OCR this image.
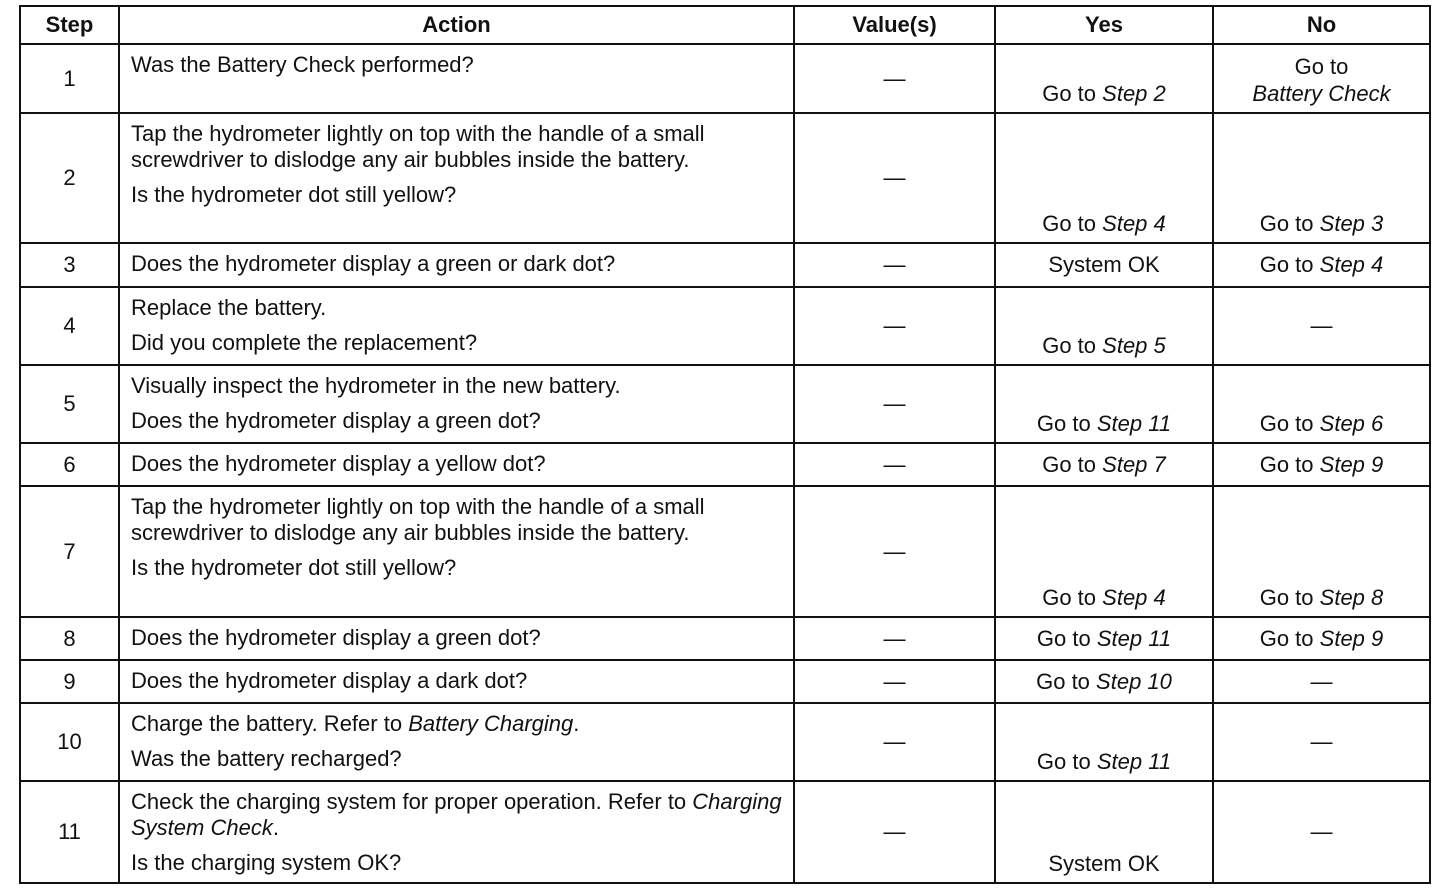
Step	Action	Value(s)	Yes	No
1	Was the Battery Check performed?	—	Go to Step 2	Go to
Battery Check

2	Tap the hydrometer lightly on top with the handle of a small screwdriver to dislodge any air bubbles inside the battery.
Is the hydrometer dot still yellow?	—	Go to Step 4	Go to Step 3
3	Does the hydrometer display a green or dark dot?	—	System OK	Go to Step 4
4	Replace the battery.
Did you complete the replacement?	—	Go to Step 5	—
5	Visually inspect the hydrometer in the new battery.
Does the hydrometer display a green dot?	—	Go to Step 11	Go to Step 6
6	Does the hydrometer display a yellow dot?	—	Go to Step 7	Go to Step 9
7	Tap the hydrometer lightly on top with the handle of a small screwdriver to dislodge any air bubbles inside the battery.
Is the hydrometer dot still yellow?	—	Go to Step 4	Go to Step 8
8	Does the hydrometer display a green dot?	—	Go to Step 11	Go to Step 9
9	Does the hydrometer display a dark dot?	—	Go to Step 10	—
10	Charge the battery. Refer to Battery Charging.
Was the battery recharged?	—	Go to Step 11	—
11	Check the charging system for proper operation. Refer to Charging System Check.
Is the charging system OK?	—	System OK	—
